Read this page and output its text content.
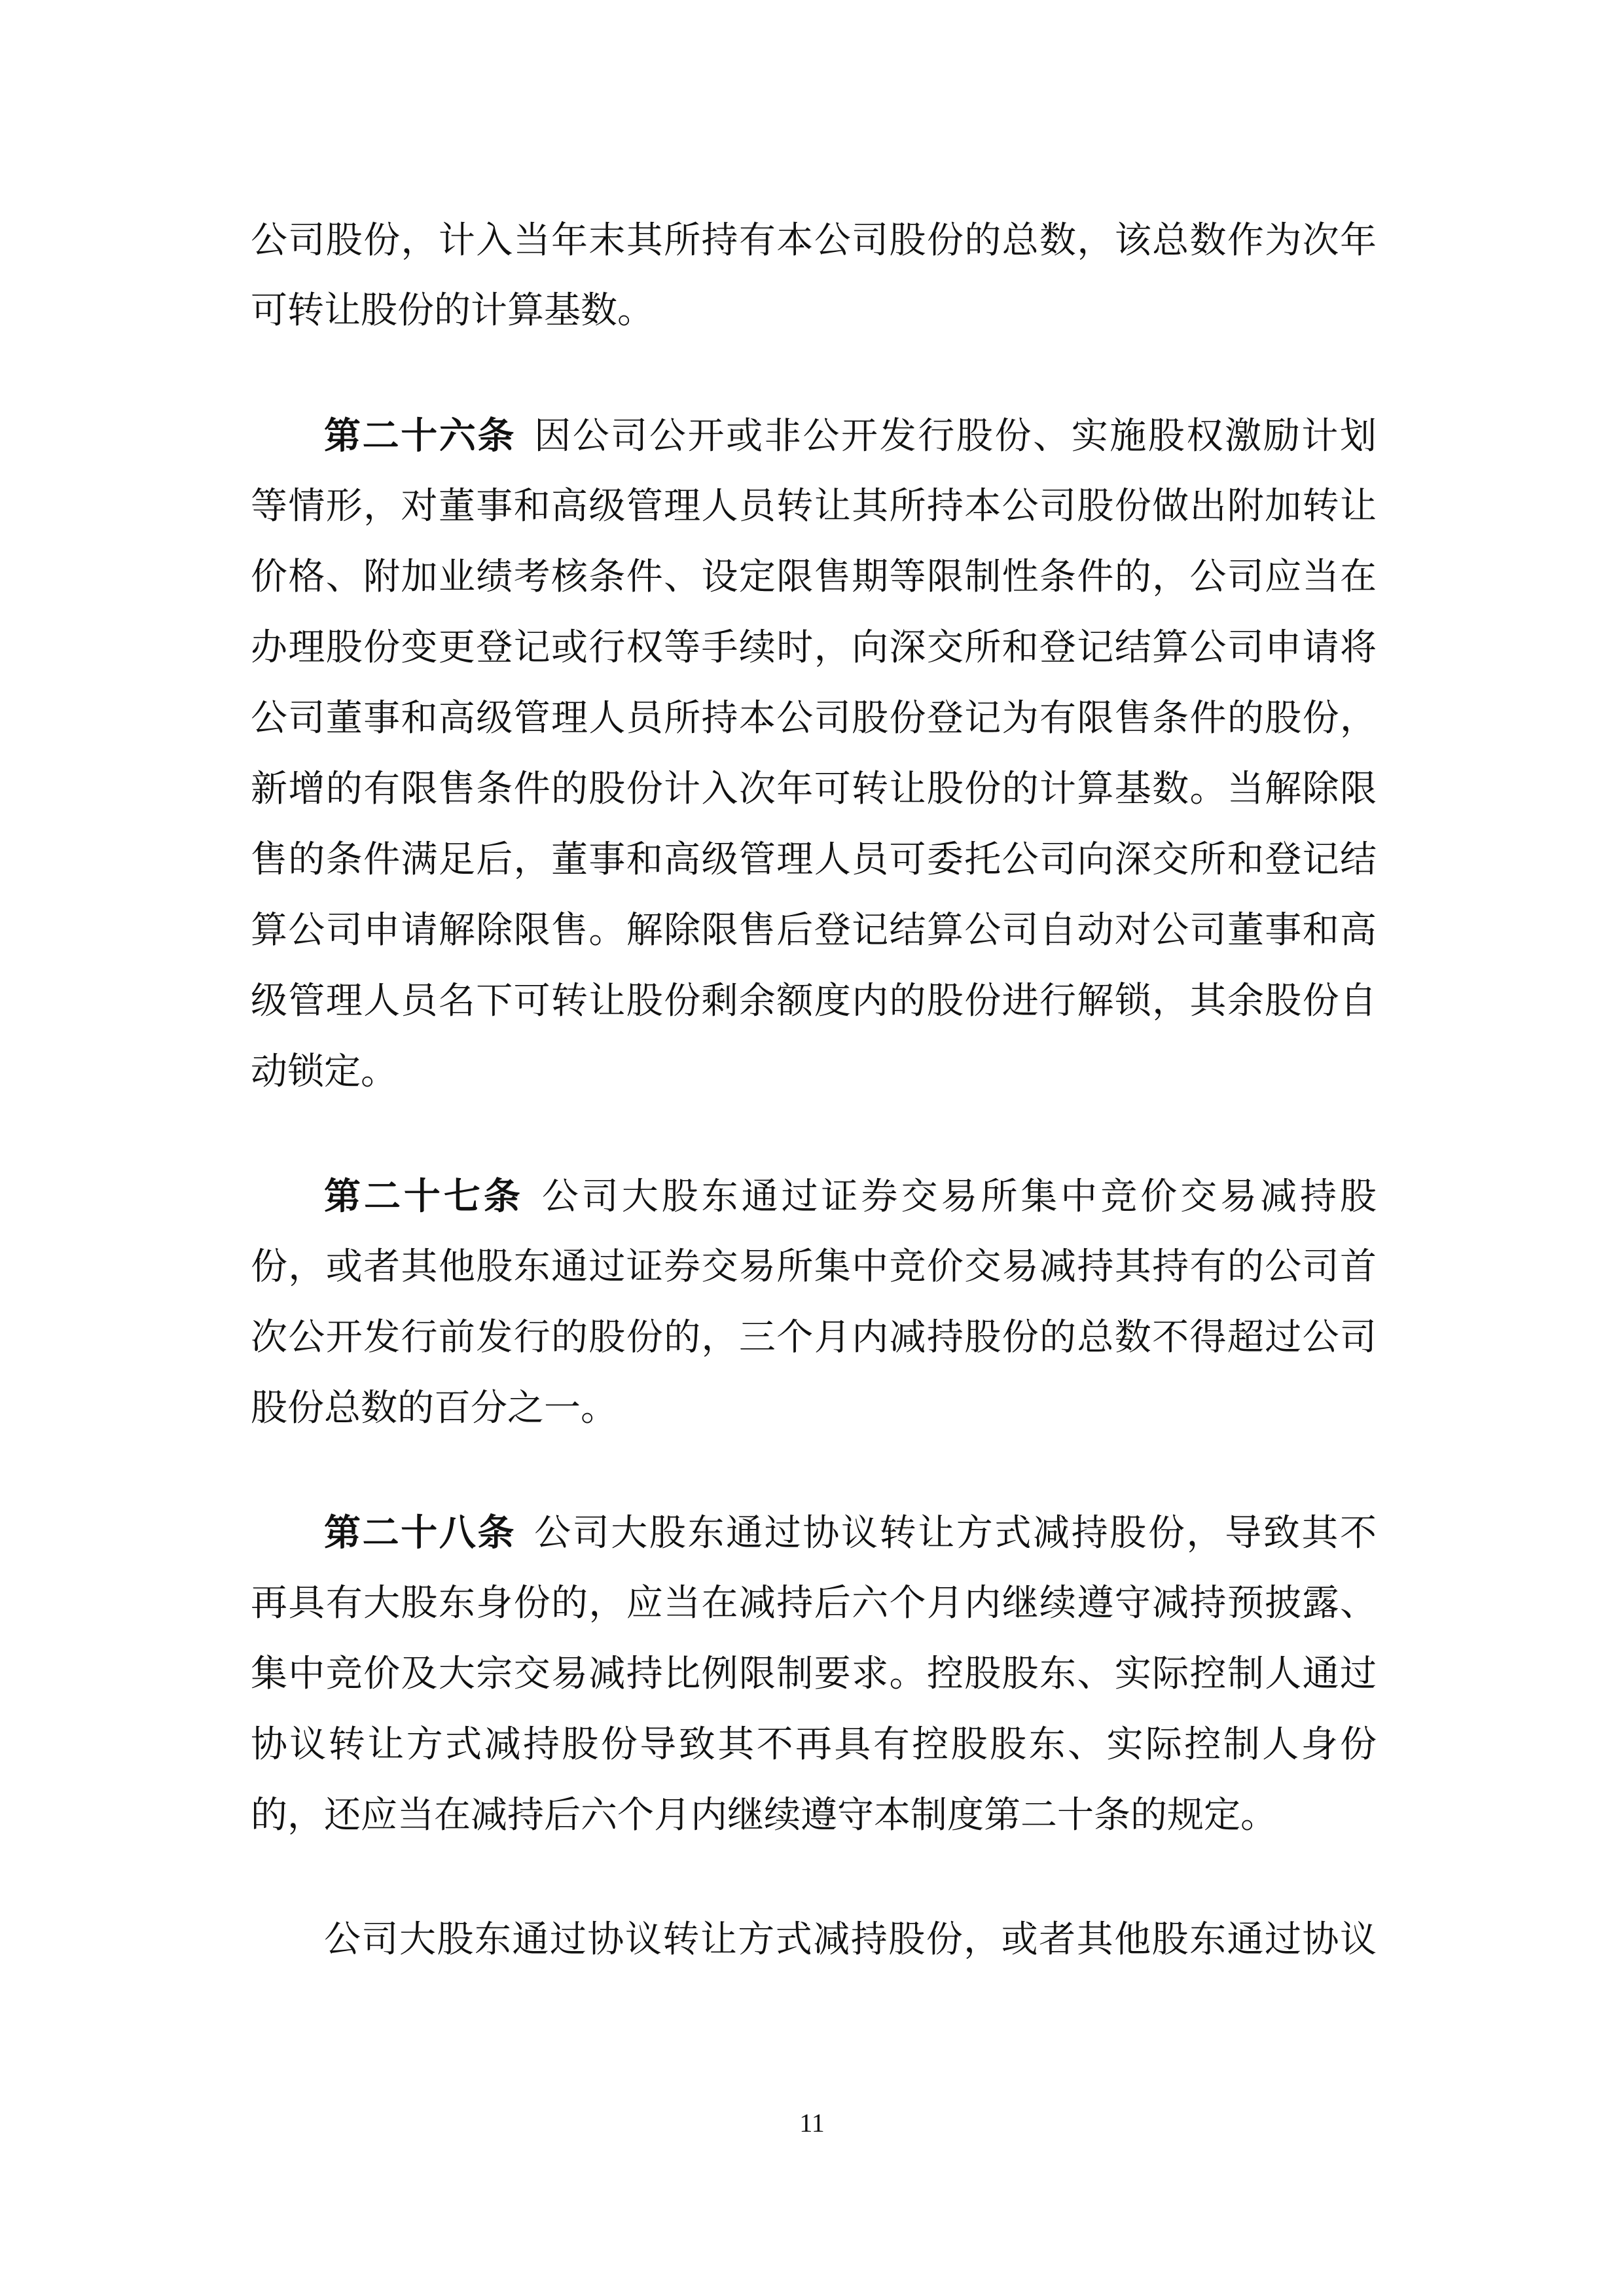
公司股份，计入当年末其所持有本公司股份的总数，该总数作为次年
可转让股份的计算基数。
第二十六条 因公司公开或非公开发行股份、实施股权激励计划
等情形，对董事和高级管理人员转让其所持本公司股份做出附加转让
价格、附加业绩考核条件、设定限售期等限制性条件的，公司应当在
办理股份变更登记或行权等手续时，向深交所和登记结算公司申请将
公司董事和高级管理人员所持本公司股份登记为有限售条件的股份，
新增的有限售条件的股份计入次年可转让股份的计算基数。当解除限
售的条件满足后，董事和高级管理人员可委托公司向深交所和登记结
算公司申请解除限售。解除限售后登记结算公司自动对公司董事和高
级管理人员名下可转让股份剩余额度内的股份进行解锁，其余股份自
动锁定。
第二十七条 公司大股东通过证券交易所集中竞价交易减持股
份，或者其他股东通过证券交易所集中竞价交易减持其持有的公司首
次公开发行前发行的股份的，三个月内减持股份的总数不得超过公司
股份总数的百分之一。
第二十八条 公司大股东通过协议转让方式减持股份，导致其不
再具有大股东身份的，应当在减持后六个月内继续遵守减持预披露、
集中竞价及大宗交易减持比例限制要求。控股股东、实际控制人通过
协议转让方式减持股份导致其不再具有控股股东、实际控制人身份
的，还应当在减持后六个月内继续遵守本制度第二十条的规定。
公司大股东通过协议转让方式减持股份，或者其他股东通过协议
11
